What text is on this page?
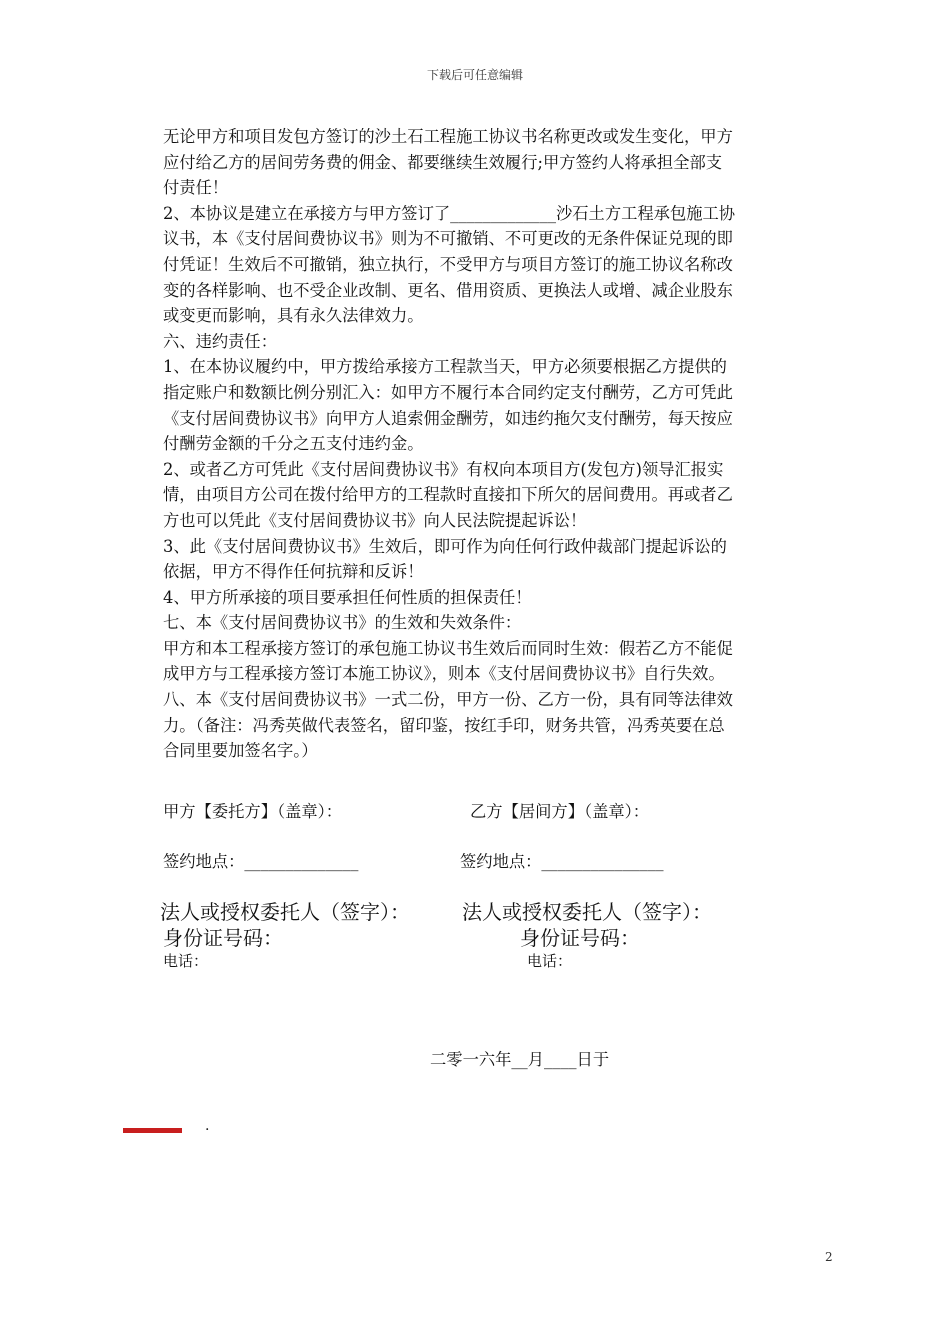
下载后可任意编辑

无论甲方和项目发包方签订的沙土石工程施工协议书名称更改或发生变化，甲方

应付给乙方的居间劳务费的佣金、都要继续生效履行;甲方签约人将承担全部支

付责任！

2、本协议是建立在承接方与甲方签订了_____________沙石土方工程承包施工协

议书，本《支付居间费协议书》则为不可撤销、不可更改的无条件保证兑现的即

付凭证！生效后不可撤销，独立执行，不受甲方与项目方签订的施工协议名称改

变的各样影响、也不受企业改制、更名、借用资质、更换法人或增、减企业股东

或变更而影响，具有永久法律效力。

六、违约责任：

1、在本协议履约中，甲方拨给承接方工程款当天，甲方必须要根据乙方提供的

指定账户和数额比例分别汇入：如甲方不履行本合同约定支付酬劳，乙方可凭此

《支付居间费协议书》向甲方人追索佣金酬劳，如违约拖欠支付酬劳，每天按应

付酬劳金额的千分之五支付违约金。

2、或者乙方可凭此《支付居间费协议书》有权向本项目方(发包方)领导汇报实

情，由项目方公司在拨付给甲方的工程款时直接扣下所欠的居间费用。再或者乙

方也可以凭此《支付居间费协议书》向人民法院提起诉讼！

3、此《支付居间费协议书》生效后，即可作为向任何行政仲裁部门提起诉讼的

依据，甲方不得作任何抗辩和反诉！

4、甲方所承接的项目要承担任何性质的担保责任！

七、本《支付居间费协议书》的生效和失效条件：

甲方和本工程承接方签订的承包施工协议书生效后而同时生效：假若乙方不能促

成甲方与工程承接方签订本施工协议》，则本《支付居间费协议书》自行失效。

八、本《支付居间费协议书》一式二份，甲方一份、乙方一份，具有同等法律效

力。（备注：冯秀英做代表签名，留印鉴，按红手印，财务共管，冯秀英要在总

合同里要加签名字。）

甲方【委托方】（盖章）：	乙方【居间方】（盖章）：
签约地点：______________	签约地点：_______________
法人或授权委托人（签字）：	法人或授权委托人（签字）：
身份证号码：	身份证号码：
电话：	电话：
二零一六年__月____日于
.
2
